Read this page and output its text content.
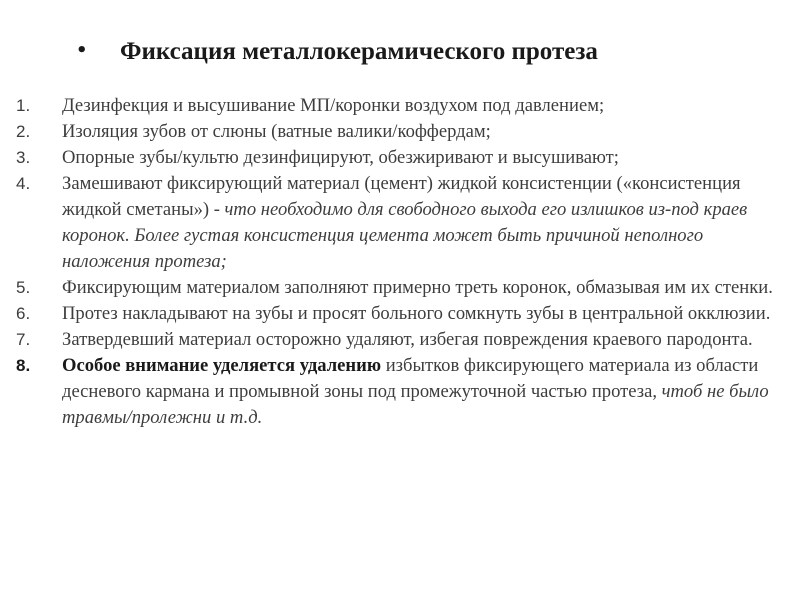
• Фиксация металлокерамического протеза
1. Дезинфекция и высушивание МП/коронки воздухом под давлением;
2. Изоляция зубов от слюны (ватные валики/коффердам;
3. Опорные зубы/культю дезинфицируют, обезжиривают и высушивают;
4. Замешивают фиксирующий материал (цемент) жидкой консистенции («консистенция жидкой сметаны») - что необходимо для свободного выхода его излишков из-под краев коронок. Более густая консистенция цемента может быть причиной неполного наложения протеза;
5. Фиксирующим материалом заполняют примерно треть коронок, обмазывая им их стенки.
6. Протез накладывают на зубы и просят больного сомкнуть зубы в центральной окклюзии.
7. Затвердевший материал осторожно удаляют, избегая повреждения краевого пародонта.
8. Особое внимание уделяется удалению избытков фиксирующего материала из области десневого кармана и промывной зоны под промежуточной частью протеза, чтоб не было травмы/пролежни и т.д.
